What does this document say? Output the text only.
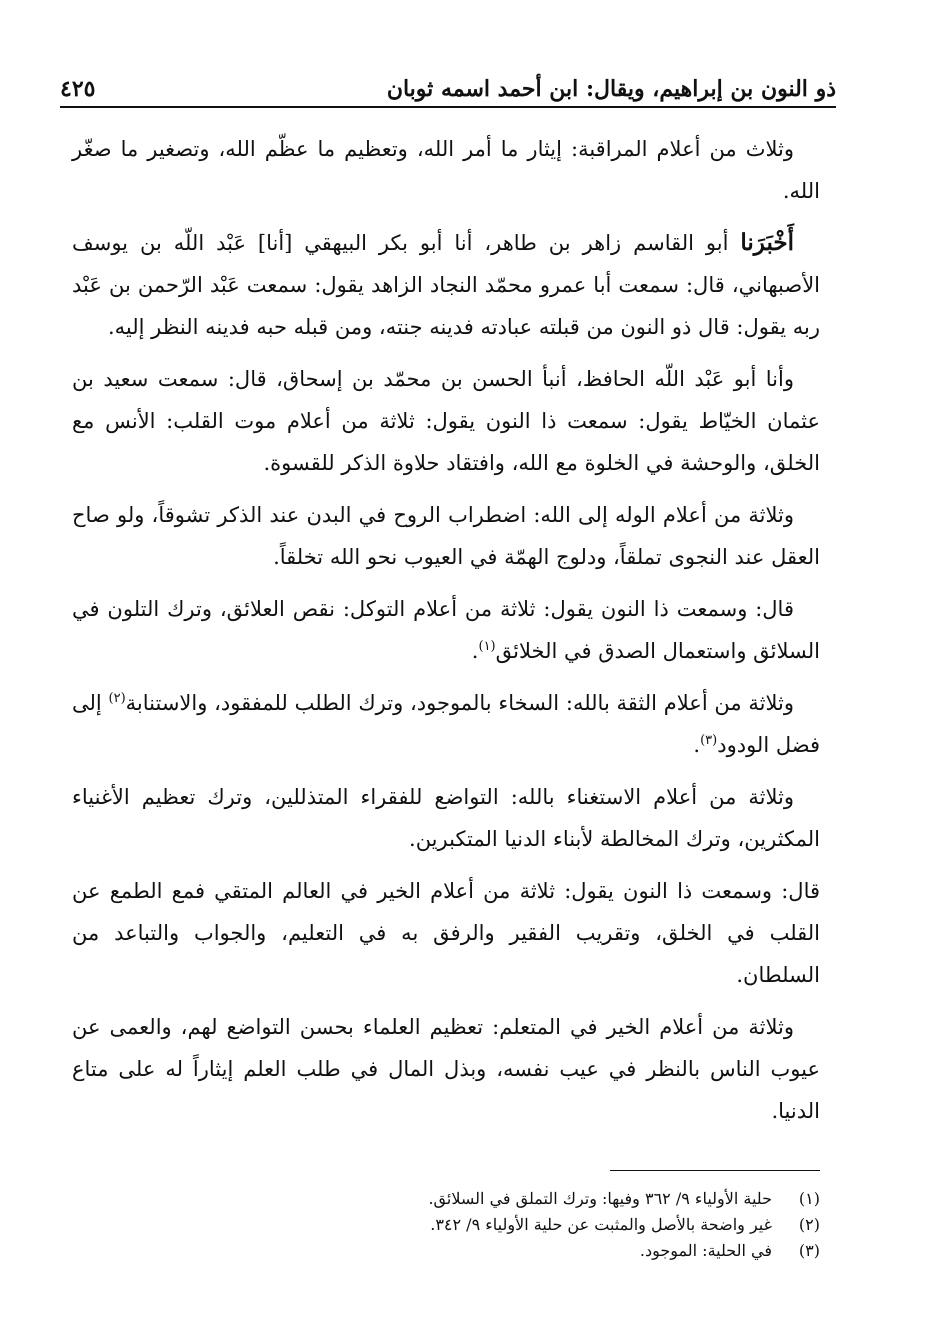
ذو النون بن إبراهيم، ويقال: ابن أحمد اسمه ثوبان
٤٢٥

وثلاث من أعلام المراقبة: إيثار ما أمر الله، وتعظيم ما عظّم الله، وتصغير ما صغّر الله.

أَخْبَرَنا أبو القاسم زاهر بن طاهر، أنا أبو بكر البيهقي [أنا] عَبْد اللّه بن يوسف الأصبهاني، قال: سمعت أبا عمرو محمّد النجاد الزاهد يقول: سمعت عَبْد الرّحمن بن عَبْد ربه يقول: قال ذو النون من قبلته عبادته فدينه جنته، ومن قبله حبه فدينه النظر إليه.

وأنا أبو عَبْد اللّه الحافظ، أنبأ الحسن بن محمّد بن إسحاق، قال: سمعت سعيد بن عثمان الخيّاط يقول: سمعت ذا النون يقول: ثلاثة من أعلام موت القلب: الأنس مع الخلق، والوحشة في الخلوة مع الله، وافتقاد حلاوة الذكر للقسوة.

وثلاثة من أعلام الوله إلى الله: اضطراب الروح في البدن عند الذكر تشوقاً، ولو صاح العقل عند النجوى تملقاً، ودلوج الهمّة في العيوب نحو الله تخلقاً.

قال: وسمعت ذا النون يقول: ثلاثة من أعلام التوكل: نقص العلائق، وترك التلون في السلائق واستعمال الصدق في الخلائق$^{(١)}$.

وثلاثة من أعلام الثقة بالله: السخاء بالموجود، وترك الطلب للمفقود، والاستنابة$^{(٢)}$ إلى فضل الودود$^{(٣)}$.

وثلاثة من أعلام الاستغناء بالله: التواضع للفقراء المتذللين، وترك تعظيم الأغنياء المكثرين، وترك المخالطة لأبناء الدنيا المتكبرين.

قال: وسمعت ذا النون يقول: ثلاثة من أعلام الخير في العالم المتقي فمع الطمع عن القلب في الخلق، وتقريب الفقير والرفق به في التعليم، والجواب والتباعد من السلطان.

وثلاثة من أعلام الخير في المتعلم: تعظيم العلماء بحسن التواضع لهم، والعمى عن عيوب الناس بالنظر في عيب نفسه، وبذل المال في طلب العلم إيثاراً له على متاع الدنيا.

(١)
حلية الأولياء ٩/ ٣٦٢ وفيها: وترك التملق في السلائق.
(٢)
غير واضحة بالأصل والمثبت عن حلية الأولياء ٩/ ٣٤٢.
(٣)
في الحلية: الموجود.
